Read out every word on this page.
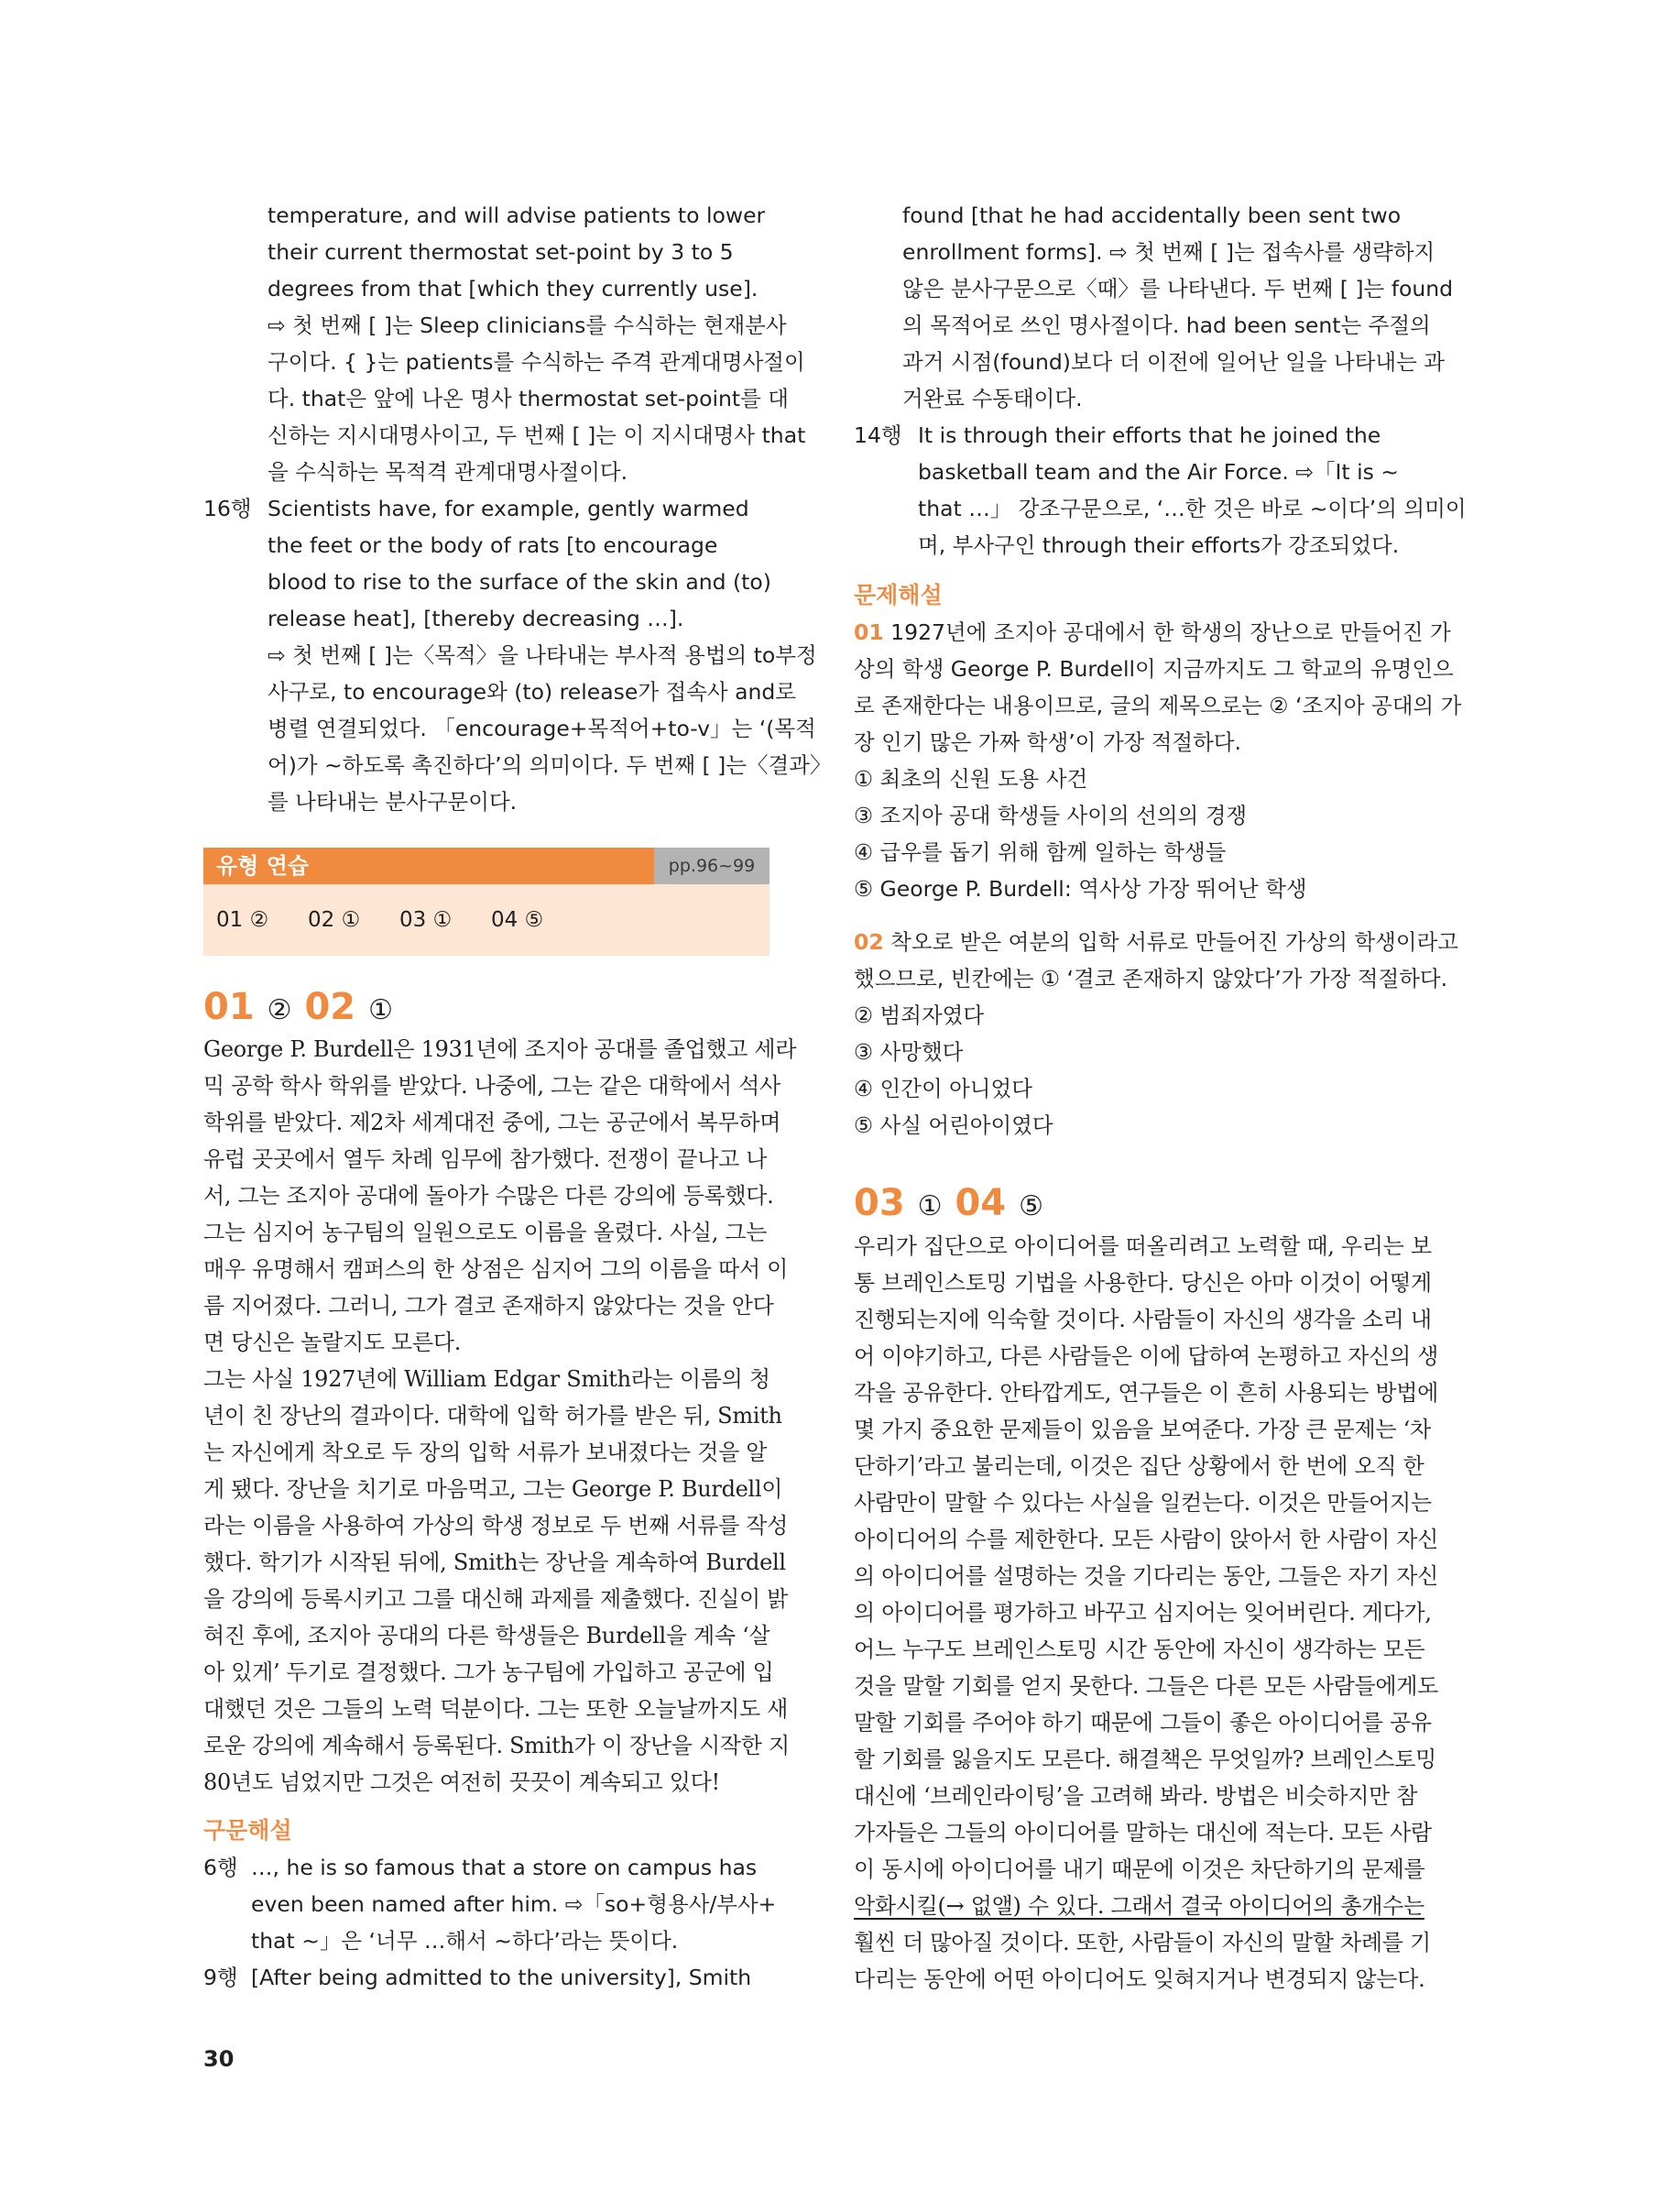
temperature, and will advise patients to lower
their current thermostat set-point by 3 to 5
degrees from that [which they currently use].
⇨ 첫 번째 [ ]는 Sleep clinicians를 수식하는 현재분사
구이다. { }는 patients를 수식하는 주격 관계대명사절이
다. that은 앞에 나온 명사 thermostat set-point를 대
신하는 지시대명사이고, 두 번째 [ ]는 이 지시대명사 that
을 수식하는 목적격 관계대명사절이다.
16행 Scientists have, for example, gently warmed
the feet or the body of rats [to encourage
blood to rise to the surface of the skin and (to)
release heat], [thereby decreasing …].
⇨ 첫 번째 [ ]는〈목적〉을 나타내는 부사적 용법의 to부정
사구로, to encourage와 (to) release가 접속사 and로
병렬 연결되었다. 「encourage+목적어+to-v」는 ‘(목적
어)가 ~하도록 촉진하다’의 의미이다. 두 번째 [ ]는〈결과〉
를 나타내는 분사구문이다.
유형 연습	pp.96~99
01 ② 02 ① 03 ① 04 ⑤
01 ② 02 ①
George P. Burdell은 1931년에 조지아 공대를 졸업했고 세라
믹 공학 학사 학위를 받았다. 나중에, 그는 같은 대학에서 석사
학위를 받았다. 제2차 세계대전 중에, 그는 공군에서 복무하며
유럽 곳곳에서 열두 차례 임무에 참가했다. 전쟁이 끝나고 나
서, 그는 조지아 공대에 돌아가 수많은 다른 강의에 등록했다.
그는 심지어 농구팀의 일원으로도 이름을 올렸다. 사실, 그는
매우 유명해서 캠퍼스의 한 상점은 심지어 그의 이름을 따서 이
름 지어졌다. 그러니, 그가 결코 존재하지 않았다는 것을 안다
면 당신은 놀랄지도 모른다.
그는 사실 1927년에 William Edgar Smith라는 이름의 청
년이 친 장난의 결과이다. 대학에 입학 허가를 받은 뒤, Smith
는 자신에게 착오로 두 장의 입학 서류가 보내졌다는 것을 알
게 됐다. 장난을 치기로 마음먹고, 그는 George P. Burdell이
라는 이름을 사용하여 가상의 학생 정보로 두 번째 서류를 작성
했다. 학기가 시작된 뒤에, Smith는 장난을 계속하여 Burdell
을 강의에 등록시키고 그를 대신해 과제를 제출했다. 진실이 밝
혀진 후에, 조지아 공대의 다른 학생들은 Burdell을 계속 ‘살
아 있게’ 두기로 결정했다. 그가 농구팀에 가입하고 공군에 입
대했던 것은 그들의 노력 덕분이다. 그는 또한 오늘날까지도 새
로운 강의에 계속해서 등록된다. Smith가 이 장난을 시작한 지
80년도 넘었지만 그것은 여전히 끗끗이 계속되고 있다!
구문해설
6행 …, he is so famous that a store on campus has
even been named after him. ⇨「so+형용사/부사+
that ~」은 ‘너무 …해서 ~하다’라는 뜻이다.
9행 [After being admitted to the university], Smith
30
found [that he had accidentally been sent two
enrollment forms]. ⇨ 첫 번째 [ ]는 접속사를 생략하지
않은 분사구문으로〈때〉를 나타낸다. 두 번째 [ ]는 found
의 목적어로 쓰인 명사절이다. had been sent는 주절의
과거 시점(found)보다 더 이전에 일어난 일을 나타내는 과
거완료 수동태이다.
14행 It is through their efforts that he joined the
basketball team and the Air Force. ⇨「It is ~
that …」 강조구문으로, ‘…한 것은 바로 ~이다’의 의미이
며, 부사구인 through their efforts가 강조되었다.
문제해설
01 1927년에 조지아 공대에서 한 학생의 장난으로 만들어진 가
상의 학생 George P. Burdell이 지금까지도 그 학교의 유명인으
로 존재한다는 내용이므로, 글의 제목으로는 ② ‘조지아 공대의 가
장 인기 많은 가짜 학생’이 가장 적절하다.
① 최초의 신원 도용 사건
③ 조지아 공대 학생들 사이의 선의의 경쟁
④ 급우를 돕기 위해 함께 일하는 학생들
⑤ George P. Burdell: 역사상 가장 뛰어난 학생
02 착오로 받은 여분의 입학 서류로 만들어진 가상의 학생이라고
했으므로, 빈칸에는 ① ‘결코 존재하지 않았다’가 가장 적절하다.
② 범죄자였다
③ 사망했다
④ 인간이 아니었다
⑤ 사실 어린아이였다
03 ① 04 ⑤
우리가 집단으로 아이디어를 떠올리려고 노력할 때, 우리는 보
통 브레인스토밍 기법을 사용한다. 당신은 아마 이것이 어떻게
진행되는지에 익숙할 것이다. 사람들이 자신의 생각을 소리 내
어 이야기하고, 다른 사람들은 이에 답하여 논평하고 자신의 생
각을 공유한다. 안타깝게도, 연구들은 이 흔히 사용되는 방법에
몇 가지 중요한 문제들이 있음을 보여준다. 가장 큰 문제는 ‘차
단하기’라고 불리는데, 이것은 집단 상황에서 한 번에 오직 한
사람만이 말할 수 있다는 사실을 일컫는다. 이것은 만들어지는
아이디어의 수를 제한한다. 모든 사람이 앉아서 한 사람이 자신
의 아이디어를 설명하는 것을 기다리는 동안, 그들은 자기 자신
의 아이디어를 평가하고 바꾸고 심지어는 잊어버린다. 게다가,
어느 누구도 브레인스토밍 시간 동안에 자신이 생각하는 모든
것을 말할 기회를 얻지 못한다. 그들은 다른 모든 사람들에게도
말할 기회를 주어야 하기 때문에 그들이 좋은 아이디어를 공유
할 기회를 잃을지도 모른다. 해결책은 무엇일까? 브레인스토밍
대신에 ‘브레인라이팅’을 고려해 봐라. 방법은 비슷하지만 참
가자들은 그들의 아이디어를 말하는 대신에 적는다. 모든 사람
이 동시에 아이디어를 내기 때문에 이것은 차단하기의 문제를
악화시킬(→ 없앨) 수 있다. 그래서 결국 아이디어의 총개수는
훨씬 더 많아질 것이다. 또한, 사람들이 자신의 말할 차례를 기
다리는 동안에 어떤 아이디어도 잊혀지거나 변경되지 않는다.
